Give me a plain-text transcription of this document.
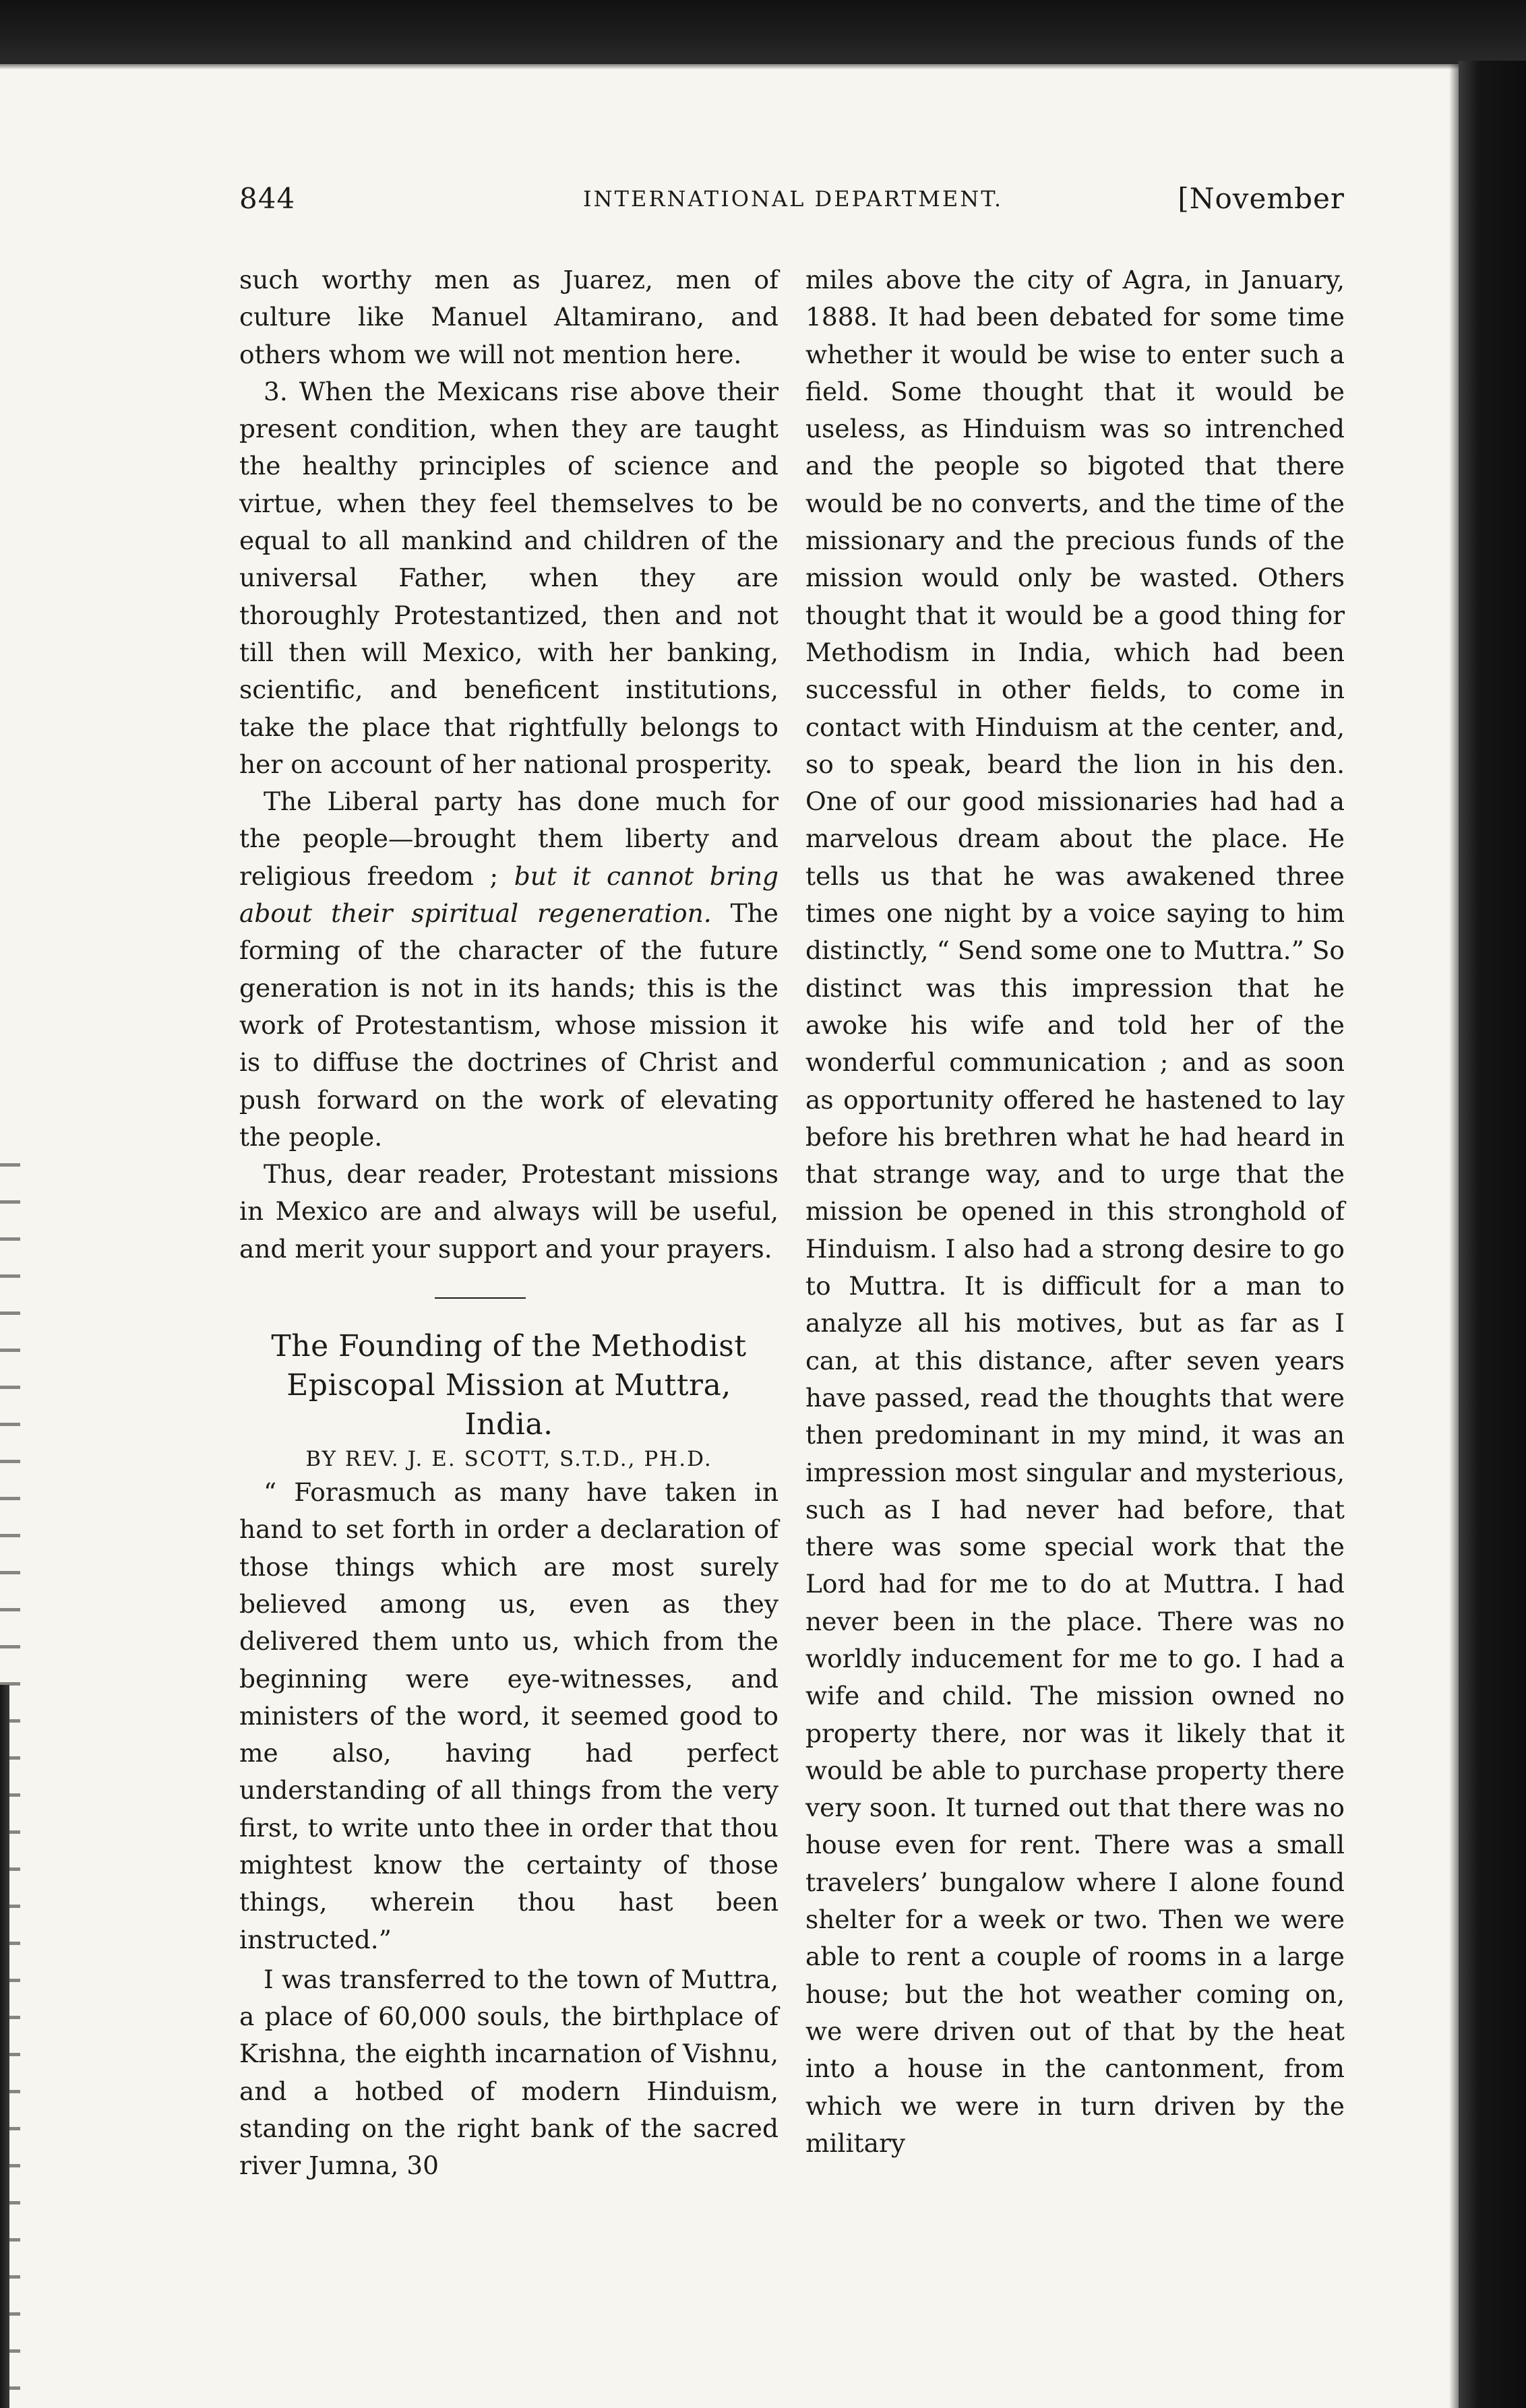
844	INTERNATIONAL DEPARTMENT.	[November

such worthy men as Juarez, men of culture like Manuel Altamirano, and others whom we will not mention here.

3. When the Mexicans rise above their present condition, when they are taught the healthy principles of science and virtue, when they feel themselves to be equal to all mankind and children of the universal Father, when they are thoroughly Protestantized, then and not till then will Mexico, with her banking, scientific, and beneficent institutions, take the place that rightfully belongs to her on account of her national prosperity.

The Liberal party has done much for the people—brought them liberty and religious freedom ; but it cannot bring about their spiritual regeneration. The forming of the character of the future generation is not in its hands; this is the work of Protestantism, whose mission it is to diffuse the doctrines of Christ and push forward on the work of elevating the people.

Thus, dear reader, Protestant missions in Mexico are and always will be useful, and merit your support and your prayers.

The Founding of the Methodist Episcopal Mission at Muttra, India.

BY REV. J. E. SCOTT, S.T.D., PH.D.

“ Forasmuch as many have taken in hand to set forth in order a declaration of those things which are most surely believed among us, even as they delivered them unto us, which from the beginning were eye-witnesses, and ministers of the word, it seemed good to me also, having had perfect understanding of all things from the very first, to write unto thee in order that thou mightest know the certainty of those things, wherein thou hast been instructed.”

I was transferred to the town of Muttra, a place of 60,000 souls, the birthplace of Krishna, the eighth incarnation of Vishnu, and a hotbed of modern Hinduism, standing on the right bank of the sacred river Jumna, 30

miles above the city of Agra, in January, 1888. It had been debated for some time whether it would be wise to enter such a field. Some thought that it would be useless, as Hinduism was so intrenched and the people so bigoted that there would be no converts, and the time of the missionary and the precious funds of the mission would only be wasted. Others thought that it would be a good thing for Methodism in India, which had been successful in other fields, to come in contact with Hinduism at the center, and, so to speak, beard the lion in his den. One of our good missionaries had had a marvelous dream about the place. He tells us that he was awakened three times one night by a voice saying to him distinctly, “ Send some one to Muttra.” So distinct was this impression that he awoke his wife and told her of the wonderful communication ; and as soon as opportunity offered he hastened to lay before his brethren what he had heard in that strange way, and to urge that the mission be opened in this stronghold of Hinduism. I also had a strong desire to go to Muttra. It is difficult for a man to analyze all his motives, but as far as I can, at this distance, after seven years have passed, read the thoughts that were then predominant in my mind, it was an impression most singular and mysterious, such as I had never had before, that there was some special work that the Lord had for me to do at Muttra. I had never been in the place. There was no worldly inducement for me to go. I had a wife and child. The mission owned no property there, nor was it likely that it would be able to purchase property there very soon. It turned out that there was no house even for rent. There was a small travelers’ bungalow where I alone found shelter for a week or two. Then we were able to rent a couple of rooms in a large house; but the hot weather coming on, we were driven out of that by the heat into a house in the cantonment, from which we were in turn driven by the military
